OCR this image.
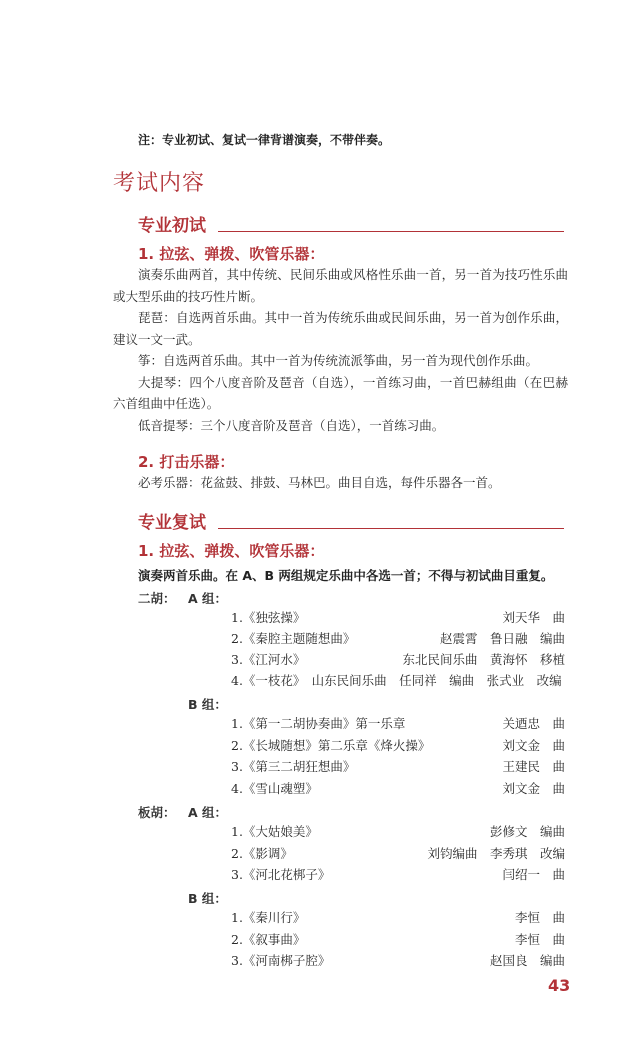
注：专业初试、复试一律背谱演奏，不带伴奏。
考试内容
专业初试
1. 拉弦、弹拨、吹管乐器：

演奏乐曲两首，其中传统、民间乐曲或风格性乐曲一首，另一首为技巧性乐曲或大型乐曲的技巧性片断。

琵琶：自选两首乐曲。其中一首为传统乐曲或民间乐曲，另一首为创作乐曲，建议一文一武。

筝：自选两首乐曲。其中一首为传统流派筝曲，另一首为现代创作乐曲。

大提琴：四个八度音阶及琶音（自选），一首练习曲，一首巴赫组曲（在巴赫六首组曲中任选）。

低音提琴：三个八度音阶及琶音（自选），一首练习曲。

2. 打击乐器：

必考乐器：花盆鼓、排鼓、马林巴。曲目自选，每件乐器各一首。

专业复试
1. 拉弦、弹拨、吹管乐器：
演奏两首乐曲。在 A、B 两组规定乐曲中各选一首；不得与初试曲目重复。
二胡： A 组：
1.《独弦操》	刘天华　曲
2.《秦腔主题随想曲》	赵震霄　鲁日融　编曲
3.《江河水》	东北民间乐曲　黄海怀　移植
4.《一枝花》　山东民间乐曲　任同祥　编曲　张式业　改编
B 组：
1.《第一二胡协奏曲》第一乐章	关迺忠　曲
2.《长城随想》第二乐章《烽火操》	刘文金　曲
3.《第三二胡狂想曲》	王建民　曲
4.《雪山魂塑》	刘文金　曲
板胡： A 组：
1.《大姑娘美》	彭修文　编曲
2.《影调》	刘钧编曲　李秀琪　改编
3.《河北花梆子》	闫绍一　曲
B 组：
1.《秦川行》	李恒　曲
2.《叙事曲》	李恒　曲
3.《河南梆子腔》	赵国良　编曲
43
